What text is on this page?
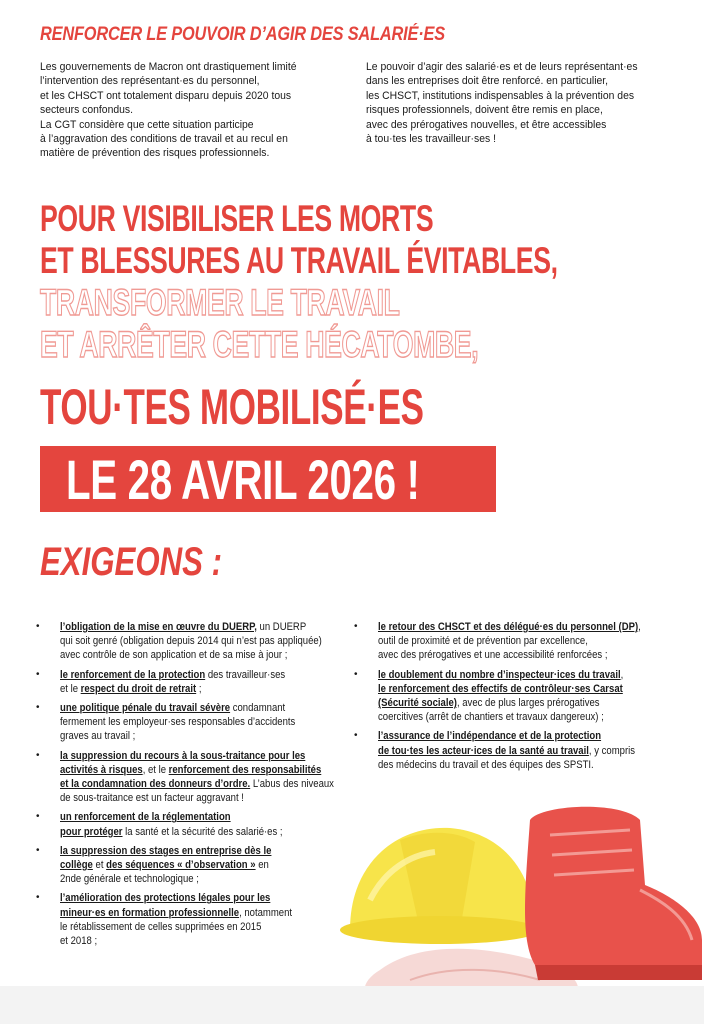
RENFORCER LE POUVOIR D’AGIR DES SALARIÉ·ES
Les gouvernements de Macron ont drastiquement limité
l’intervention des représentant·es du personnel,
et les CHSCT ont totalement disparu depuis 2020 tous
secteurs confondus.
La CGT considère que cette situation participe
à l’aggravation des conditions de travail et au recul en
matière de prévention des risques professionnels.
Le pouvoir d’agir des salarié·es et de leurs représentant·es
dans les entreprises doit être renforcé. en particulier,
les CHSCT, institutions indispensables à la prévention des
risques professionnels, doivent être remis en place,
avec des prérogatives nouvelles, et être accessibles
à tou·tes les travailleur·ses !
POUR VISIBILISER LES MORTS
ET BLESSURES AU TRAVAIL ÉVITABLES,
TRANSFORMER LE TRAVAIL
ET ARRÊTER CETTE HÉCATOMBE,
TOU·TES MOBILISÉ·ES
LE 28 AVRIL 2026 !
EXIGEONS :
• l’obligation de la mise en œuvre du DUERP, un DUERP
qui soit genré (obligation depuis 2014 qui n’est pas appliquée)
avec contrôle de son application et de sa mise à jour ;
• le renforcement de la protection des travailleur·ses
et le respect du droit de retrait ;
• une politique pénale du travail sévère condamnant
fermement les employeur·ses responsables d’accidents
graves au travail ;
• la suppression du recours à la sous-traitance pour les
activités à risques, et le renforcement des responsabilités
et la condamnation des donneurs d’ordre. L’abus des niveaux
de sous-traitance est un facteur aggravant !
• un renforcement de la réglementation
pour protéger la santé et la sécurité des salarié·es ;
• la suppression des stages en entreprise dès le
collège et des séquences « d’observation » en
2nde générale et technologique ;
• l’amélioration des protections légales pour les
mineur·es en formation professionnelle, notamment
le rétablissement de celles supprimées en 2015
et 2018 ;
• le retour des CHSCT et des délégué·es du personnel (DP),
outil de proximité et de prévention par excellence,
avec des prérogatives et une accessibilité renforcées ;
• le doublement du nombre d’inspecteur·ices du travail,
le renforcement des effectifs de contrôleur·ses Carsat
(Sécurité sociale), avec de plus larges prérogatives
coercitives (arrêt de chantiers et travaux dangereux) ;
• l’assurance de l’indépendance et de la protection
de tou·tes les acteur·ices de la santé au travail, y compris
des médecins du travail et des équipes des SPSTI.
